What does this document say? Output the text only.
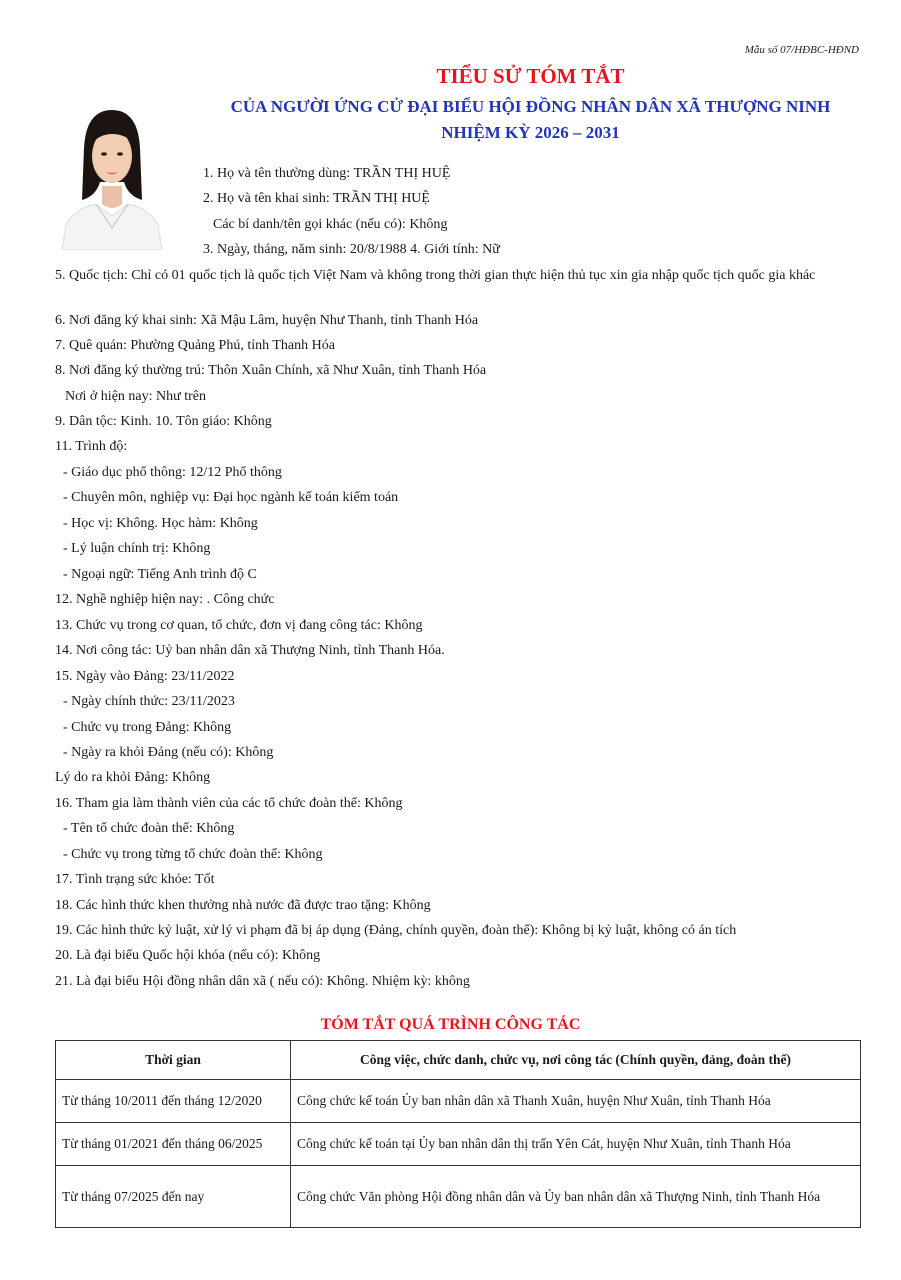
Mẫu số 07/HĐBC-HĐND
TIỂU SỬ TÓM TẮT
CỦA NGƯỜI ỨNG CỬ ĐẠI BIỂU HỘI ĐỒNG NHÂN DÂN XÃ THƯỢNG NINH
NHIỆM KỲ 2026 – 2031
1. Họ và tên thường dùng: TRẦN THỊ HUỆ
2. Họ và tên khai sinh: TRẦN THỊ HUỆ
Các bí danh/tên gọi khác (nếu có): Không
3. Ngày, tháng, năm sinh: 20/8/1988 4. Giới tính: Nữ
5. Quốc tịch: Chỉ có 01 quốc tịch là quốc tịch Việt Nam và không trong thời gian thực hiện thủ tục xin gia nhập quốc tịch quốc gia khác
6. Nơi đăng ký khai sinh: Xã Mậu Lâm, huyện Như Thanh, tỉnh Thanh Hóa
7. Quê quán: Phường Quảng Phú, tỉnh Thanh Hóa
8. Nơi đăng ký thường trú: Thôn Xuân Chính, xã Như Xuân, tỉnh Thanh Hóa
Nơi ở hiện nay: Như trên
9. Dân tộc: Kinh. 10. Tôn giáo: Không
11. Trình độ:
- Giáo dục phổ thông: 12/12 Phổ thông
- Chuyên môn, nghiệp vụ: Đại học ngành kế toán kiểm toán
- Học vị: Không. Học hàm: Không
- Lý luận chính trị: Không
- Ngoại ngữ: Tiếng Anh trình độ C
12. Nghề nghiệp hiện nay: . Công chức
13. Chức vụ trong cơ quan, tổ chức, đơn vị đang công tác: Không
14. Nơi công tác: Uỷ ban nhân dân xã Thượng Ninh, tỉnh Thanh Hóa.
15. Ngày vào Đảng: 23/11/2022
- Ngày chính thức: 23/11/2023
- Chức vụ trong Đảng: Không
- Ngày ra khỏi Đảng (nếu có): Không
Lý do ra khỏi Đảng: Không
16. Tham gia làm thành viên của các tổ chức đoàn thể: Không
- Tên tổ chức đoàn thể: Không
- Chức vụ trong từng tổ chức đoàn thể: Không
17. Tình trạng sức khỏe: Tốt
18. Các hình thức khen thưởng nhà nước đã được trao tặng: Không
19. Các hình thức kỷ luật, xử lý vi phạm đã bị áp dụng (Đảng, chính quyền, đoàn thể): Không bị kỷ luật, không có án tích
20. Là đại biểu Quốc hội khóa (nếu có): Không
21. Là đại biểu Hội đồng nhân dân xã ( nếu có): Không. Nhiệm kỳ: không
TÓM TẮT QUÁ TRÌNH CÔNG TÁC
Thời gian	Công việc, chức danh, chức vụ, nơi công tác (Chính quyền, đảng, đoàn thể)
Từ tháng 10/2011 đến tháng 12/2020	Công chức kế toán Ủy ban nhân dân xã Thanh Xuân, huyện Như Xuân, tỉnh Thanh Hóa
Từ tháng 01/2021 đến tháng 06/2025	Công chức kế toán tại Ủy ban nhân dân thị trấn Yên Cát, huyện Như Xuân, tỉnh Thanh Hóa
Từ tháng 07/2025 đến nay	Công chức Văn phòng Hội đồng nhân dân và Ủy ban nhân dân xã Thượng Ninh, tỉnh Thanh Hóa
